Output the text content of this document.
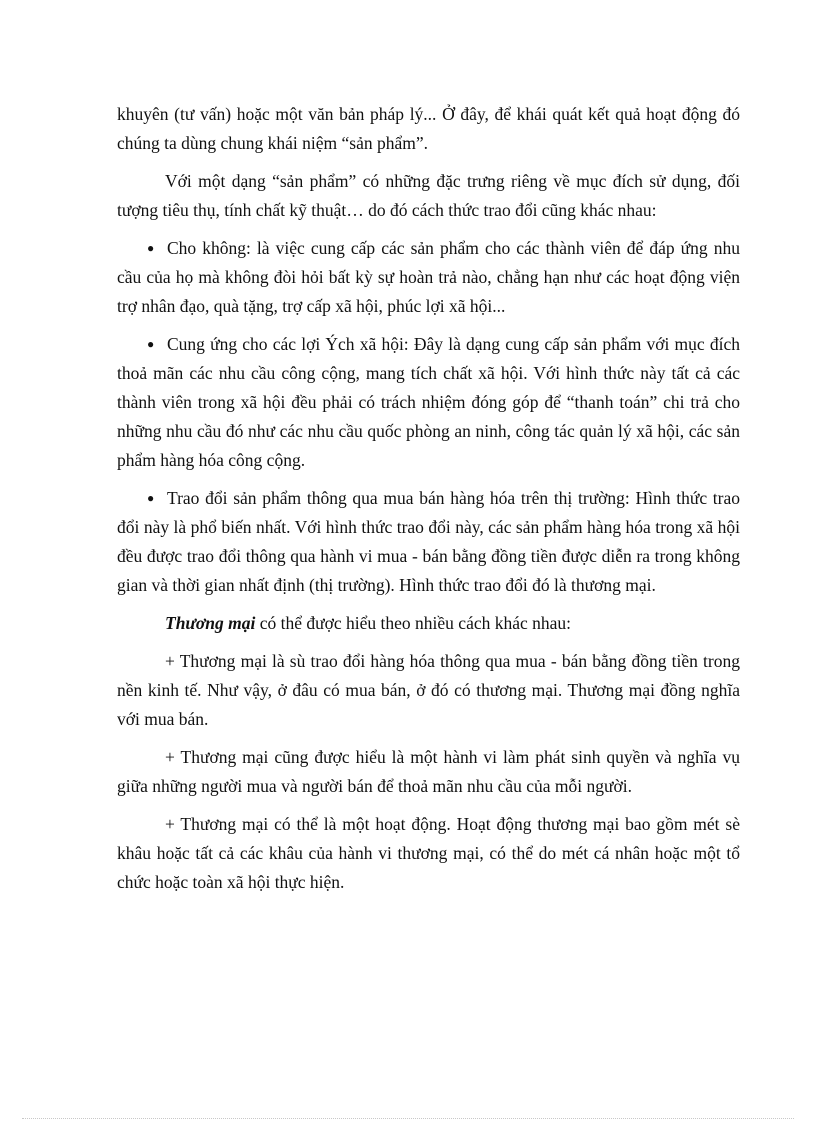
khuyên (tư vấn) hoặc một văn bản pháp lý... Ở đây, để khái quát kết quả hoạt động đó chúng ta dùng chung khái niệm “sản phẩm”.

Với một dạng “sản phẩm” có những đặc trưng riêng về mục đích sử dụng, đối tượng tiêu thụ, tính chất kỹ thuật… do đó cách thức trao đổi cũng khác nhau:

● Cho không: là việc cung cấp các sản phẩm cho các thành viên để đáp ứng nhu cầu của họ mà không đòi hỏi bất kỳ sự hoàn trả nào, chẳng hạn như các hoạt động viện trợ nhân đạo, quà tặng, trợ cấp xã hội, phúc lợi xã hội...

● Cung ứng cho các lợi Ých xã hội: Đây là dạng cung cấp sản phẩm với mục đích thoả mãn các nhu cầu công cộng, mang tích chất xã hội. Với hình thức này tất cả các thành viên trong xã hội đều phải có trách nhiệm đóng góp để “thanh toán” chi trả cho những nhu cầu đó như các nhu cầu quốc phòng an ninh, công tác quản lý xã hội, các sản phẩm hàng hóa công cộng.

● Trao đổi sản phẩm thông qua mua bán hàng hóa trên thị trường: Hình thức trao đổi này là phổ biến nhất. Với hình thức trao đổi này, các sản phẩm hàng hóa trong xã hội đều được trao đổi thông qua hành vi mua - bán bằng đồng tiền được diễn ra trong không gian và thời gian nhất định (thị trường). Hình thức trao đổi đó là thương mại.

Thương mại có thể được hiểu theo nhiều cách khác nhau:

+ Thương mại là sù trao đổi hàng hóa thông qua mua - bán bằng đồng tiền trong nền kinh tế. Như vậy, ở đâu có mua bán, ở đó có thương mại. Thương mại đồng nghĩa với mua bán.

+ Thương mại cũng được hiểu là một hành vi làm phát sinh quyền và nghĩa vụ giữa những người mua và người bán để thoả mãn nhu cầu của mỗi người.

+ Thương mại có thể là một hoạt động. Hoạt động thương mại bao gồm mét sè khâu hoặc tất cả các khâu của hành vi thương mại, có thể do mét cá nhân hoặc một tổ chức hoặc toàn xã hội thực hiện.
